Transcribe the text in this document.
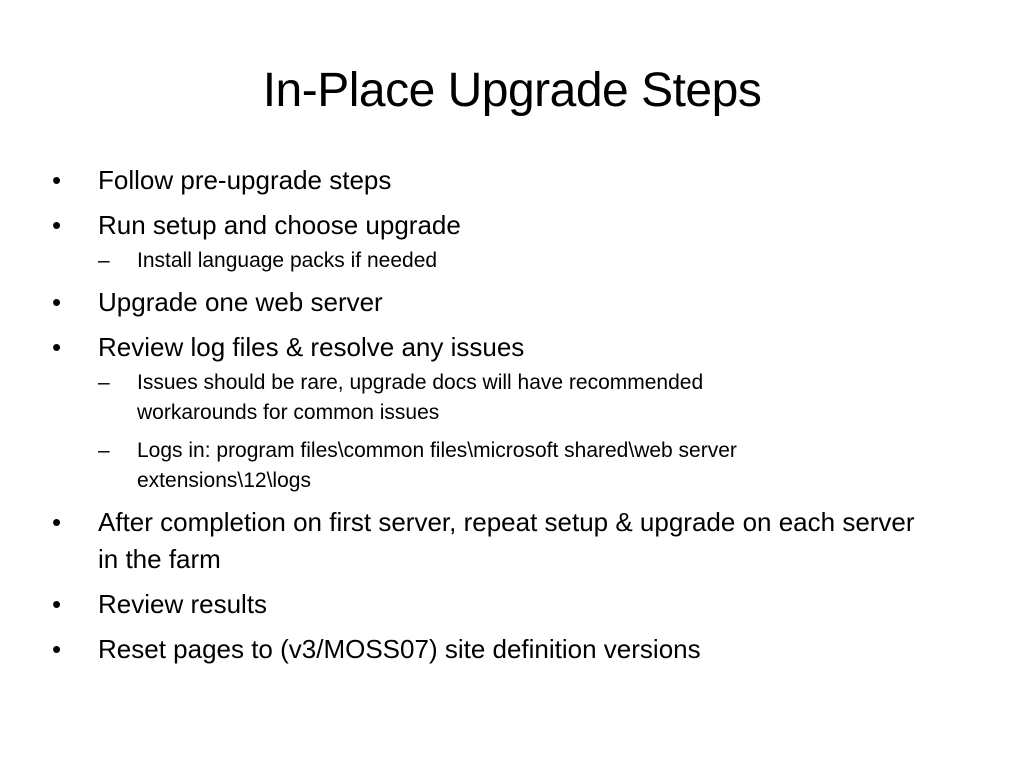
In-Place Upgrade Steps
•	Follow pre-upgrade steps
•	Run setup and choose upgrade
–	Install language packs if needed
•	Upgrade one web server
•	Review log files & resolve any issues
–	Issues should be rare, upgrade docs will have recommended workarounds for common issues
–	Logs in: program files\common files\microsoft shared\web server extensions\12\logs
•	After completion on first server, repeat setup & upgrade on each server in the farm
•	Review results
•	Reset pages to (v3/MOSS07) site definition versions
